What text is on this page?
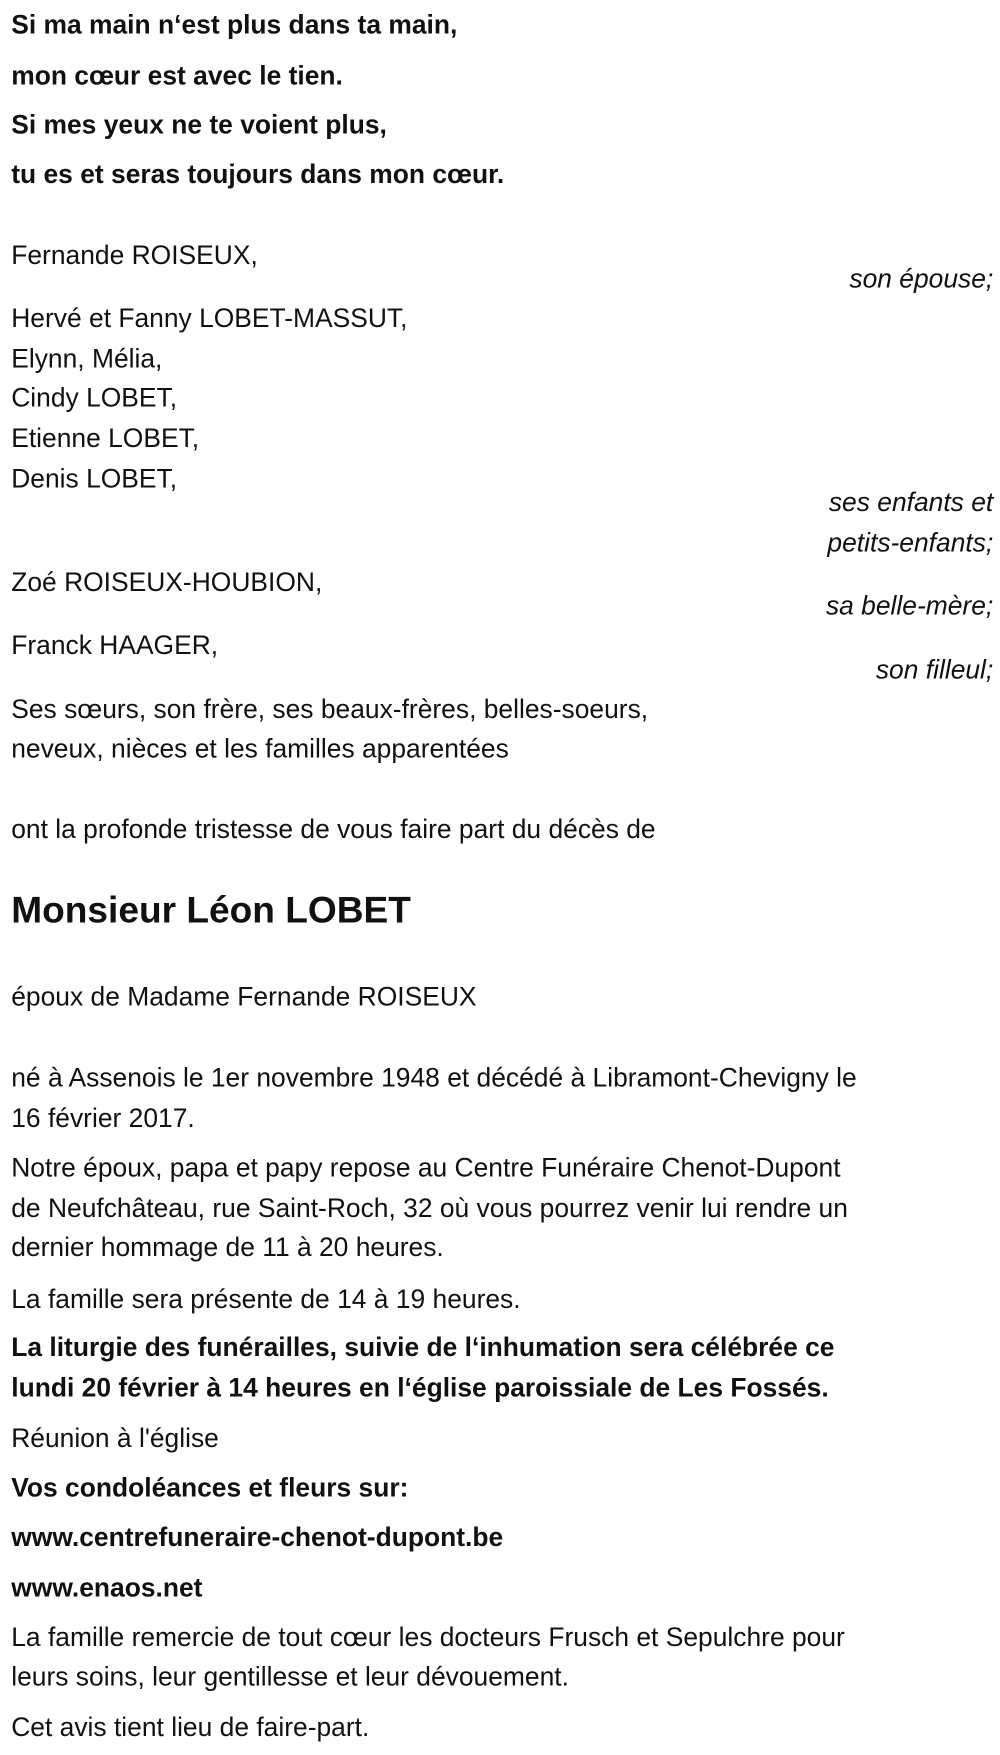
Si ma main n‘est plus dans ta main,
mon cœur est avec le tien.
Si mes yeux ne te voient plus,
tu es et seras toujours dans mon cœur.
Fernande ROISEUX,
son épouse;
Hervé et Fanny LOBET-MASSUT,
Elynn, Mélia,
Cindy LOBET,
Etienne LOBET,
Denis LOBET,
ses enfants et
petits-enfants;
Zoé ROISEUX-HOUBION,
sa belle-mère;
Franck HAAGER,
son filleul;
Ses sœurs, son frère, ses beaux-frères, belles-soeurs,
neveux, nièces et les familles apparentées
ont la profonde tristesse de vous faire part du décès de
Monsieur Léon LOBET
époux de Madame Fernande ROISEUX
né à Assenois le 1er novembre 1948 et décédé à Libramont-Chevigny le
16 février 2017.
Notre époux, papa et papy repose au Centre Funéraire Chenot-Dupont
de Neufchâteau, rue Saint-Roch, 32 où vous pourrez venir lui rendre un
dernier hommage de 11 à 20 heures.
La famille sera présente de 14 à 19 heures.
La liturgie des funérailles, suivie de l‘inhumation sera célébrée ce
lundi 20 février à 14 heures en l‘église paroissiale de Les Fossés.
Réunion à l'église
Vos condoléances et fleurs sur:
www.centrefuneraire-chenot-dupont.be
www.enaos.net
La famille remercie de tout cœur les docteurs Frusch et Sepulchre pour
leurs soins, leur gentillesse et leur dévouement.
Cet avis tient lieu de faire-part.
